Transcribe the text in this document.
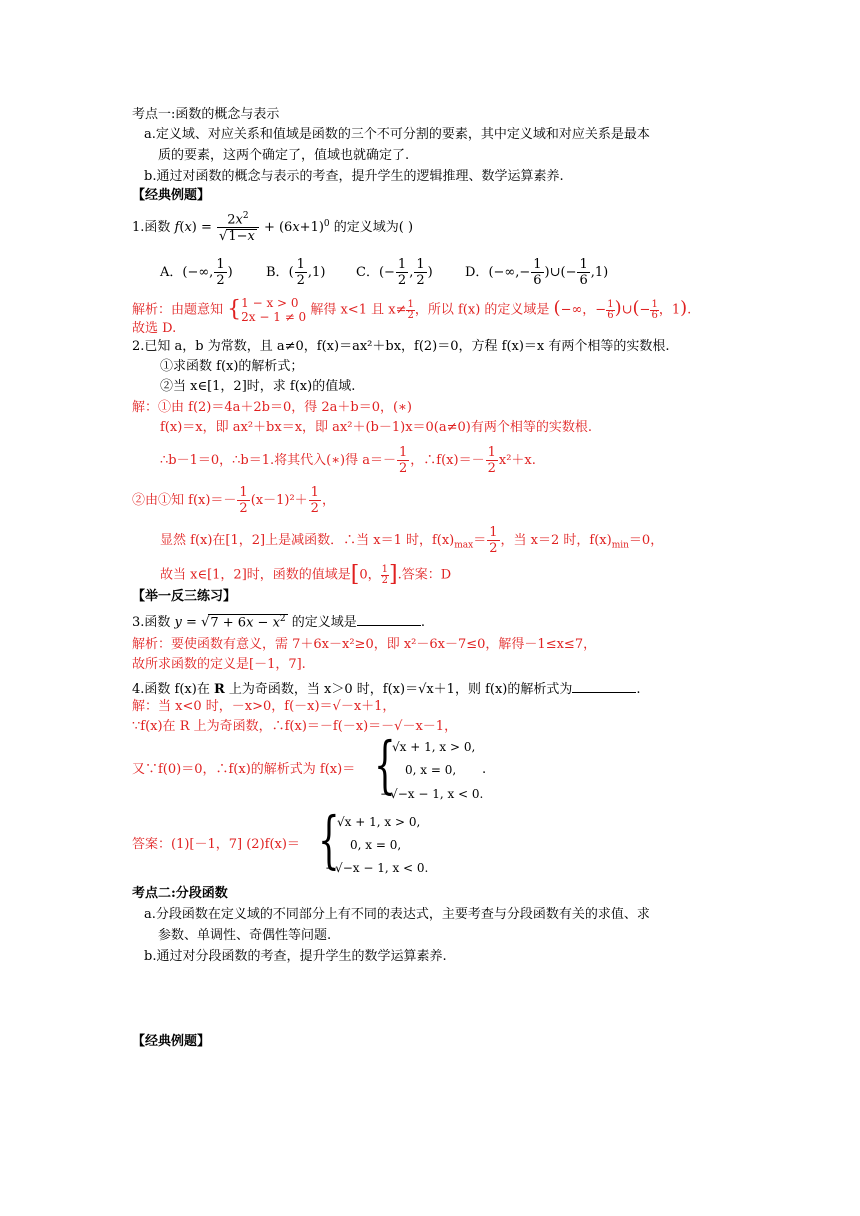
考点一:函数的概念与表示
a.定义域、对应关系和值域是函数的三个不可分割的要素，其中定义域和对应关系是最本
质的要素，这两个确定了，值域也就确定了.
b.通过对函数的概念与表示的考查，提升学生的逻辑推理、数学运算素养.
【经典例题】
1.函数 $f(x) = \frac{2x^2}{√1-x} + (6x+1)^0$ 的定义域为( )
A．(−∞, $\frac{1}{2}$ )	B．( $\frac{1}{2} ,1$) C．(− $\frac{1}{2}$ , $\frac{1}{2}$ ) D．(−∞,− $\frac{1}{6}$ )∪(− $\frac{1}{6} ,1$)
解析：由题意知 {1 − x > 0
2x − 1 ≠ 0 解得 x<1 且 $x\ne \frac{1}{2}$ ，所以 f(x) 的定义域是 (−∞，− $\frac{1}{6}$ )∪(− $\frac{1}{6}$ ，1).
故选 D.
2.已知 a，b 为常数，且 a≠0，f(x)＝ax²＋bx，f(2)＝0，方程 f(x)＝x 有两个相等的实数根.
①求函数 f(x)的解析式；
②当 x∈[1，2]时，求 f(x)的值域.
解：①由 f(2)＝4a＋2b＝0，得 2a＋b＝0，(∗)
f(x)＝x，即 ax²＋bx＝x，即 ax²＋(b－1)x＝0(a≠0)有两个相等的实数根.
∴b－1＝0，∴b＝1.将其代入(∗)得 $a=- \frac{1}{2}$ ，∴f(x)＝－ $\frac{1}{2} x^2+x$.
②由①知 $f(x)=- \frac{1}{2} (x-1)^2+ \frac{1}{2}$ ，
显然 f(x)在[1，2]上是减函数．∴当 x＝1 时，$f(x)_{max}= \frac{1}{2}$ ，当 x＝2 时，$f(x)_{min}=0$，
故当 x∈[1，2]时，函数的值域是[0， $\frac{1}{2}$ ].答案：D
【举一反三练习】
3.函数 $y = √7 + 6x - x^2$ 的定义域是	.
解析：要使函数有意义，需 7＋6x－x²≥0，即 x²－6x－7≤0，解得－1≤x≤7，
故所求函数的定义是[－1，7].
4.函数 f(x)在 R 上为奇函数，当 x＞0 时，f(x)＝√x＋1，则 f(x)的解析式为	.
解：当 x<0 时，－x>0，f(－x)＝√－x＋1，
∵f(x)在 R 上为奇函数，∴f(x)＝－f(－x)＝－√－x－1，
又∵f(0)＝0，∴f(x)的解析式为 f(x)＝ {
√x + 1, x > 0,
0, x = 0,
−√−x − 1, x < 0.
.
答案：(1)[－1，7] (2)f(x)＝ {
√x + 1, x > 0,
0, x = 0,
−√−x − 1, x < 0.
考点二:分段函数
a.分段函数在定义域的不同部分上有不同的表达式，主要考查与分段函数有关的求值、求
参数、单调性、奇偶性等问题.
b.通过对分段函数的考查，提升学生的数学运算素养.
【经典例题】
